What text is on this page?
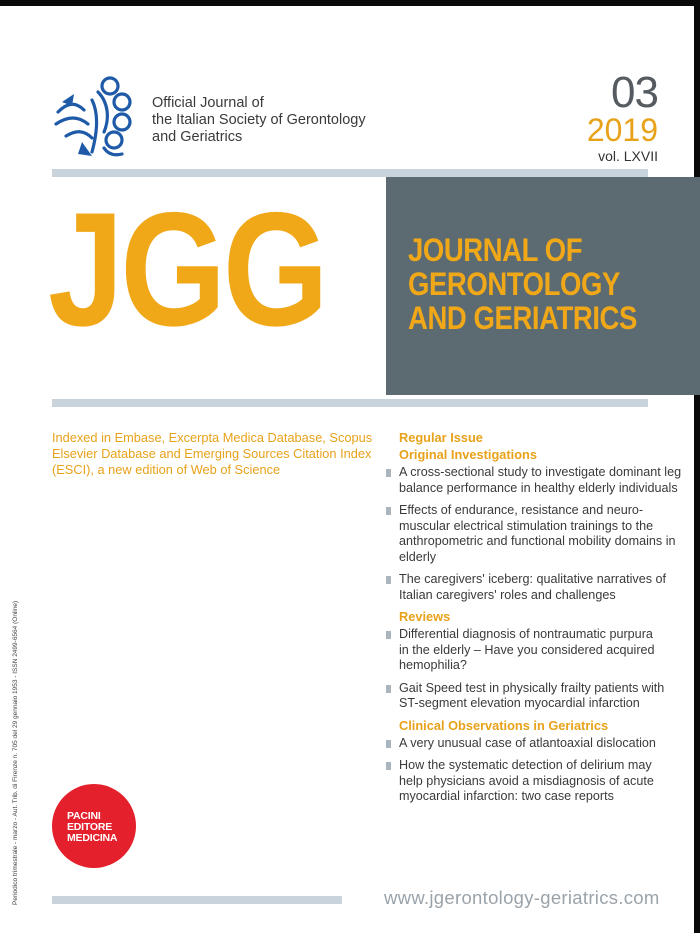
Official Journal of
the Italian Society of Gerontology
and Geriatrics
03
2019
vol. LXVII
JGG	JOURNAL OF
GERONTOLOGY
AND GERIATRICS
Indexed in Embase, Excerpta Medica Database, Scopus
Elsevier Database and Emerging Sources Citation Index
(ESCI), a new edition of Web of Science
Regular Issue
Original Investigations
A cross-sectional study to investigate dominant leg
balance performance in healthy elderly individuals
Effects of endurance, resistance and neuro-
muscular electrical stimulation trainings to the
anthropometric and functional mobility domains in
elderly
The caregivers' iceberg: qualitative narratives of
Italian caregivers' roles and challenges
Reviews
Differential diagnosis of nontraumatic purpura
in the elderly – Have you considered acquired
hemophilia?
Gait Speed test in physically frailty patients with
ST-segment elevation myocardial infarction
Clinical Observations in Geriatrics
A very unusual case of atlantoaxial dislocation
How the systematic detection of delirium may
help physicians avoid a misdiagnosis of acute
myocardial infarction: two case reports
Periodico trimestrale - marzo - Aut. Trib. di Firenze n. 705 del 29 gennaio 1953 - ISSN 2499-6564 (Online)	PACINI
EDITORE
MEDICINA
www.jgerontology-geriatrics.com
